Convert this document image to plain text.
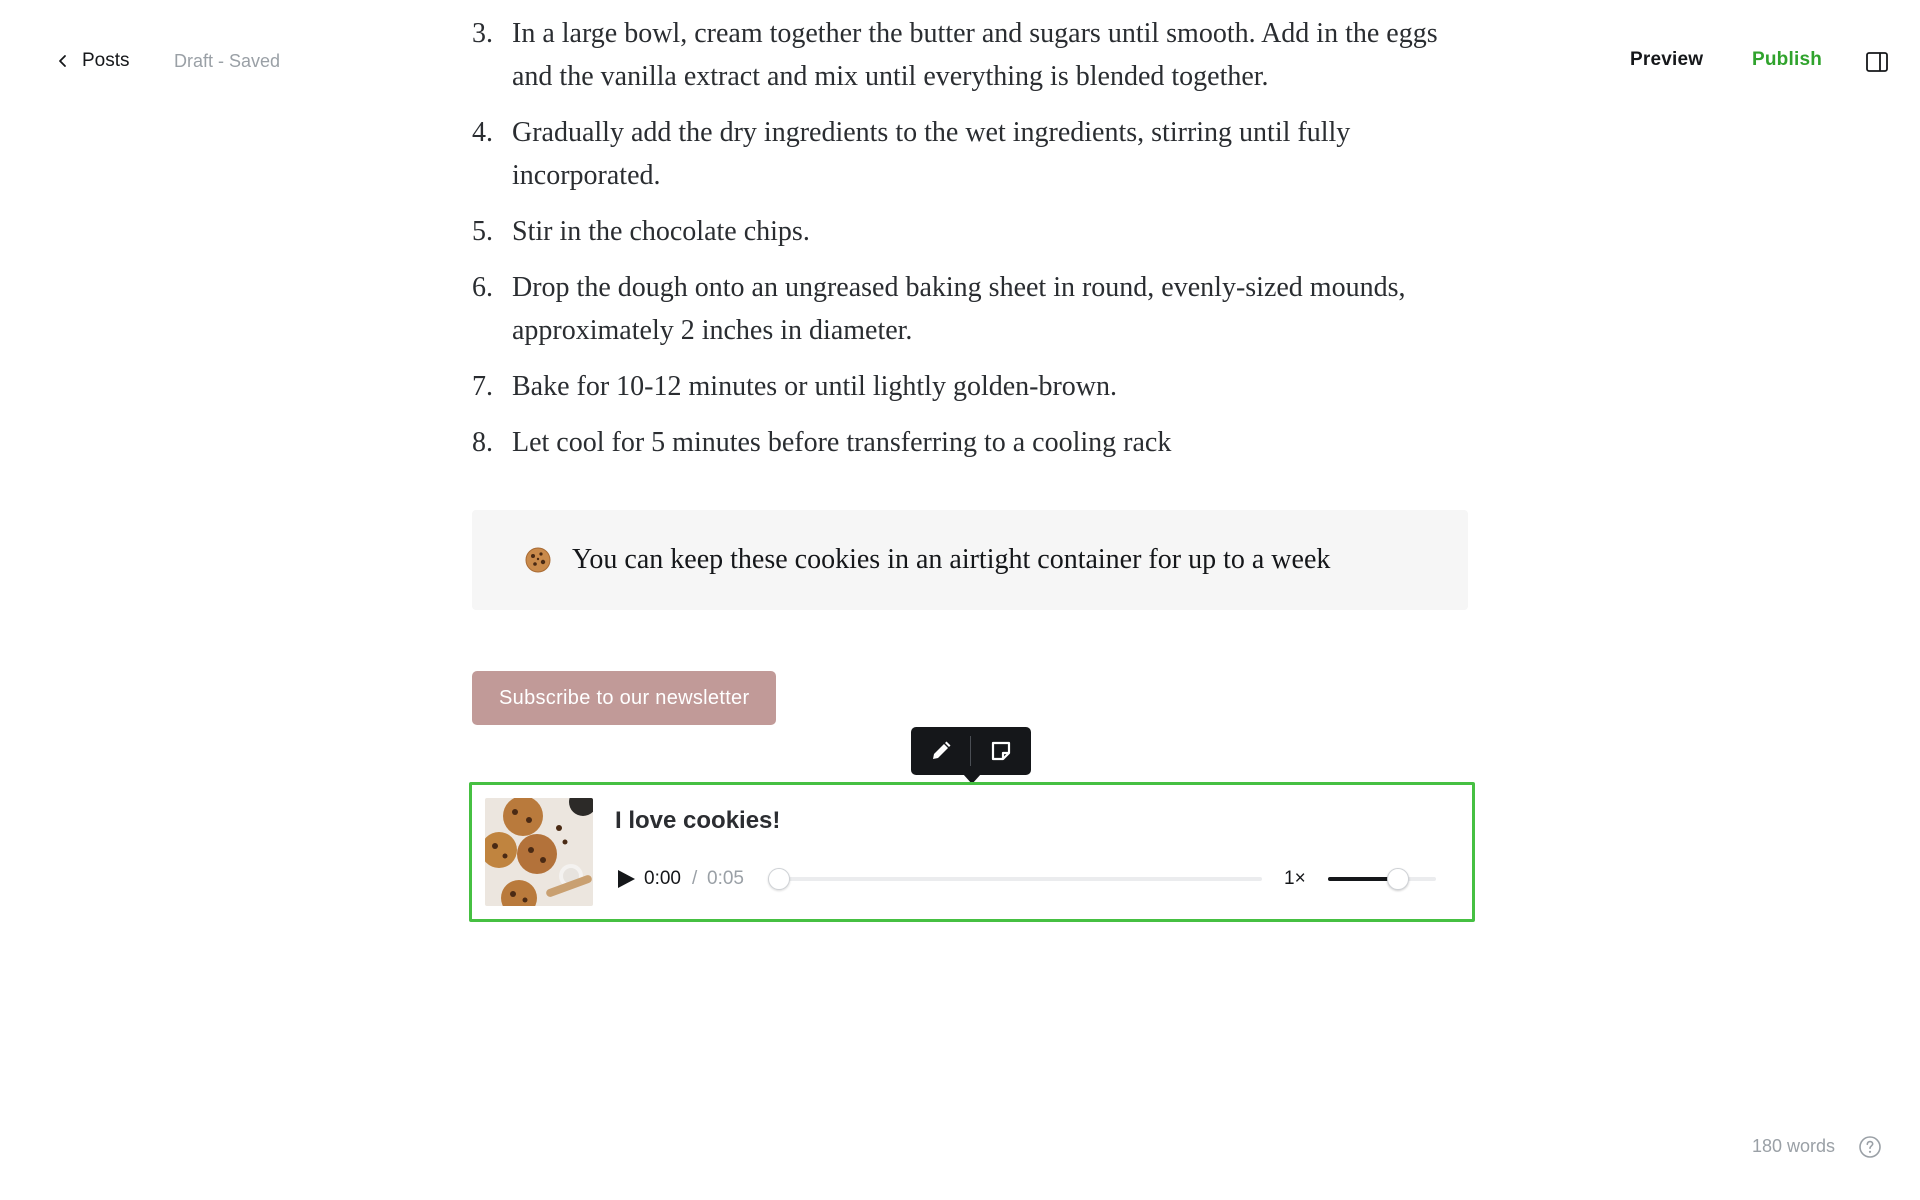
Posts Draft - Saved	Preview	Publish
3. In a large bowl, cream together the butter and sugars until smooth. Add in the eggs and the vanilla extract and mix until everything is blended together.
4. Gradually add the dry ingredients to the wet ingredients, stirring until fully incorporated.
5. Stir in the chocolate chips.
6. Drop the dough onto an ungreased baking sheet in round, evenly-sized mounds, approximately 2 inches in diameter.
7. Bake for 10-12 minutes or until lightly golden-brown.
8. Let cool for 5 minutes before transferring to a cooling rack
You can keep these cookies in an airtight container for up to a week
Subscribe to our newsletter
I love cookies!
0:00 / 0:05	1×
180 words
